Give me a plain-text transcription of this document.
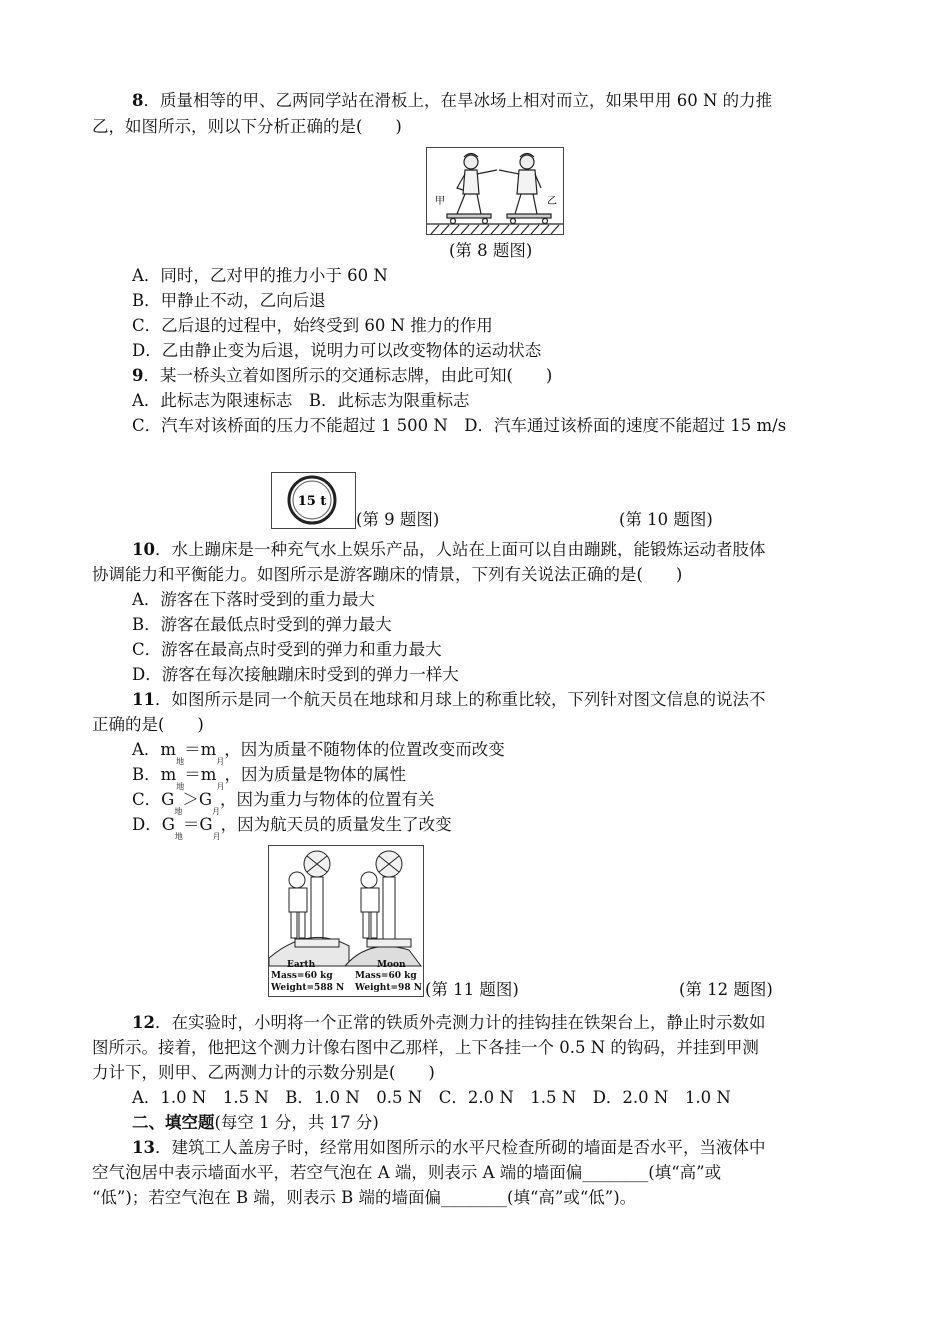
8．质量相等的甲、乙两同学站在滑板上，在旱冰场上相对而立，如果甲用 60 N 的力推
乙，如图所示，则以下分析正确的是(　　)
甲	乙
(第 8 题图)
A．同时，乙对甲的推力小于 60 N
B．甲静止不动，乙向后退
C．乙后退的过程中，始终受到 60 N 推力的作用
D．乙由静止变为后退，说明力可以改变物体的运动状态
9．某一桥头立着如图所示的交通标志牌，由此可知(　　)
A．此标志为限速标志　B．此标志为限重标志
C．汽车对该桥面的压力不能超过 1 500 N　D．汽车通过该桥面的速度不能超过 15 m/s
15 t
(第 9 题图)	(第 10 题图)
10．水上蹦床是一种充气水上娱乐产品，人站在上面可以自由蹦跳，能锻炼运动者肢体
协调能力和平衡能力。如图所示是游客蹦床的情景，下列有关说法正确的是(　　)
A．游客在下落时受到的重力最大
B．游客在最低点时受到的弹力最大
C．游客在最高点时受到的弹力和重力最大
D．游客在每次接触蹦床时受到的弹力一样大
11．如图所示是同一个航天员在地球和月球上的称重比较，下列针对图文信息的说法不
正确的是(　　)
A．$m_地=m_月$，因为质量不随物体的位置改变而改变
B．$m_地=m_月$，因为质量是物体的属性
C．$G_地>G_月$，因为重力与物体的位置有关
D．$G_地=G_月$，因为航天员的质量发生了改变
Earth
Mass=60 kg
Weight=588 N
Moon
Mass=60 kg
Weight=98 N (第 11 题图)	(第 12 题图)
12．在实验时，小明将一个正常的铁质外壳测力计的挂钩挂在铁架台上，静止时示数如
图所示。接着，他把这个测力计像右图中乙那样，上下各挂一个 0.5 N 的钩码，并挂到甲测
力计下，则甲、乙两测力计的示数分别是(　　)
A．1.0 N　1.5 N　B．1.0 N　0.5 N　C．2.0 N　1.5 N　D．2.0 N　1.0 N
二、填空题(每空 1 分，共 17 分)
13．建筑工人盖房子时，经常用如图所示的水平尺检查所砌的墙面是否水平，当液体中
空气泡居中表示墙面水平，若空气泡在 A 端，则表示 A 端的墙面偏________(填“高”或
“低”)；若空气泡在 B 端，则表示 B 端的墙面偏________(填“高”或“低”)。
